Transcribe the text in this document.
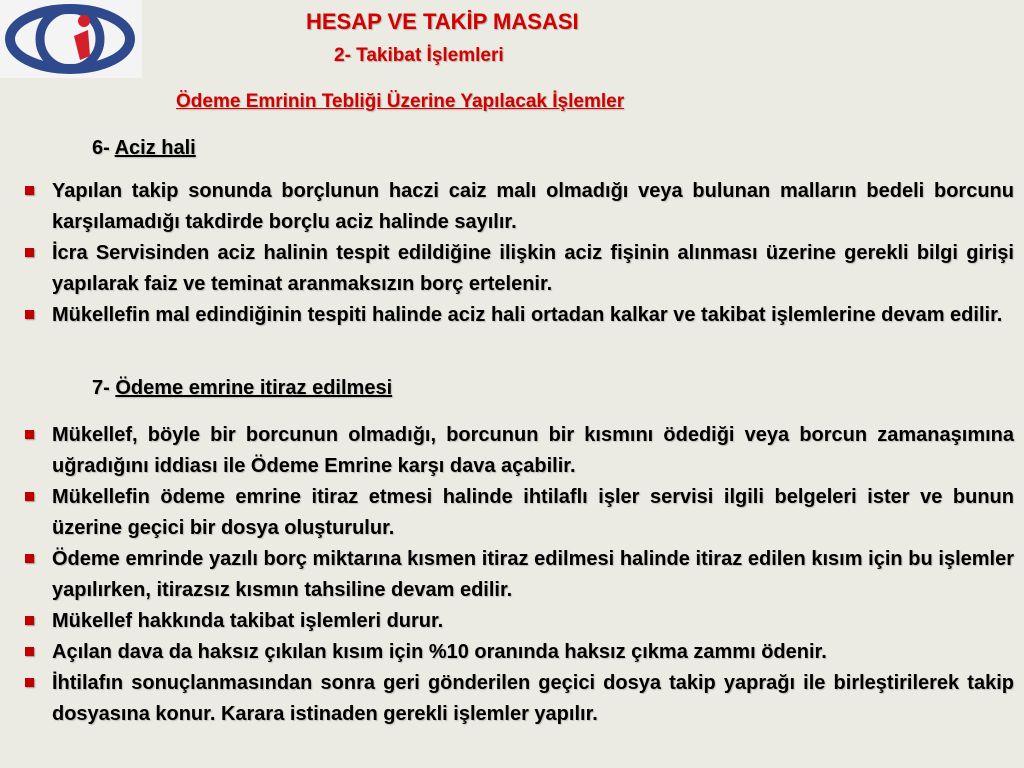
HESAP VE TAKİP MASASI
2- Takibat İşlemleri
Ödeme Emrinin Tebliği Üzerine Yapılacak İşlemler
6- Aciz hali
Yapılan takip sonunda borçlunun haczi caiz malı olmadığı veya bulunan malların bedeli borcunu karşılamadığı takdirde borçlu aciz halinde sayılır.
İcra Servisinden aciz halinin tespit edildiğine ilişkin aciz fişinin alınması üzerine gerekli bilgi girişi yapılarak faiz ve teminat aranmaksızın borç ertelenir.
Mükellefin mal edindiğinin tespiti halinde aciz hali ortadan kalkar ve takibat işlemlerine devam edilir.
7- Ödeme emrine itiraz edilmesi
Mükellef, böyle bir borcunun olmadığı, borcunun bir kısmını ödediği veya borcun zamanaşımına uğradığını iddiası ile Ödeme Emrine karşı dava açabilir.
Mükellefin ödeme emrine itiraz etmesi halinde ihtilaflı işler servisi ilgili belgeleri ister ve bunun üzerine geçici bir dosya oluşturulur.
Ödeme emrinde yazılı borç miktarına kısmen itiraz edilmesi halinde itiraz edilen kısım için bu işlemler yapılırken, itirazsız kısmın tahsiline devam edilir.
Mükellef hakkında takibat işlemleri durur.
Açılan dava da haksız çıkılan kısım için %10 oranında haksız çıkma zammı ödenir.
İhtilafın sonuçlanmasından sonra geri gönderilen geçici dosya takip yaprağı ile birleştirilerek takip dosyasına konur. Karara istinaden gerekli işlemler yapılır.
